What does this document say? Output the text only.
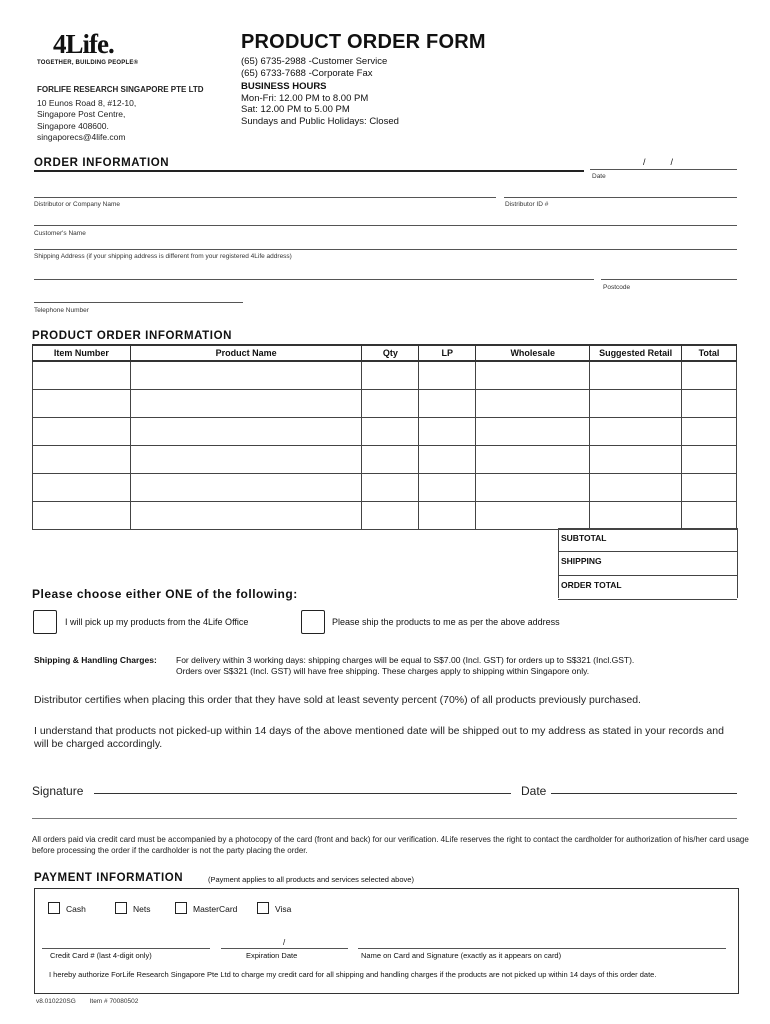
4Life.
TOGETHER, BUILDING PEOPLE®
FORLIFE RESEARCH SINGAPORE PTE LTD
10 Eunos Road 8, #12-10,
Singapore Post Centre,
Singapore 408600.
singaporecs@4life.com
PRODUCT ORDER FORM
(65) 6735-2988 -Customer Service
(65) 6733-7688 -Corporate Fax
BUSINESS HOURS
Mon-Fri: 12.00 PM to 8.00 PM
Sat: 12.00 PM to 5.00 PM
Sundays and Public Holidays: Closed
ORDER INFORMATION	/          /
Date
Distributor or Company Name	Distributor ID #
Customer's Name
Shipping Address (if your shipping address is different from your registered 4Life address)
Postcode
Telephone Number
PRODUCT ORDER INFORMATION
Item Number	Product Name	Qty	LP	Wholesale	Suggested Retail	Total

SUBTOTAL
SHIPPING
ORDER TOTAL
Please choose either ONE of the following:
I will pick up my products from the 4Life Office	Please ship the products to me as per the above address
Shipping & Handling Charges: For delivery within 3 working days: shipping charges will be equal to S$7.00 (Incl. GST) for orders up to S$321 (Incl.GST).
Orders over S$321 (Incl. GST) will have free shipping. These charges apply to shipping within Singapore only.
Distributor certifies when placing this order that they have sold at least seventy percent (70%) of all products previously purchased.
I understand that products not picked-up within 14 days of the above mentioned date will be shipped out to my address as stated in your records and will be charged accordingly.
Signature	Date
All orders paid via credit card must be accompanied by a photocopy of the card (front and back) for our verification. 4Life reserves the right to contact the cardholder for authorization of his/her card usage before processing the order if the cardholder is not the party placing the order.
PAYMENT INFORMATION	(Payment applies to all products and services selected above)
Cash	Nets	MasterCard	Visa
/
Credit Card # (last 4-digit only)	Expiration Date	Name on Card and Signature (exactly as it appears on card)
I hereby authorize ForLife Research Singapore Pte Ltd to charge my credit card for all shipping and handling charges if the products are not picked up within 14 days of this order date.
v8.010220SG Item # 70080502
